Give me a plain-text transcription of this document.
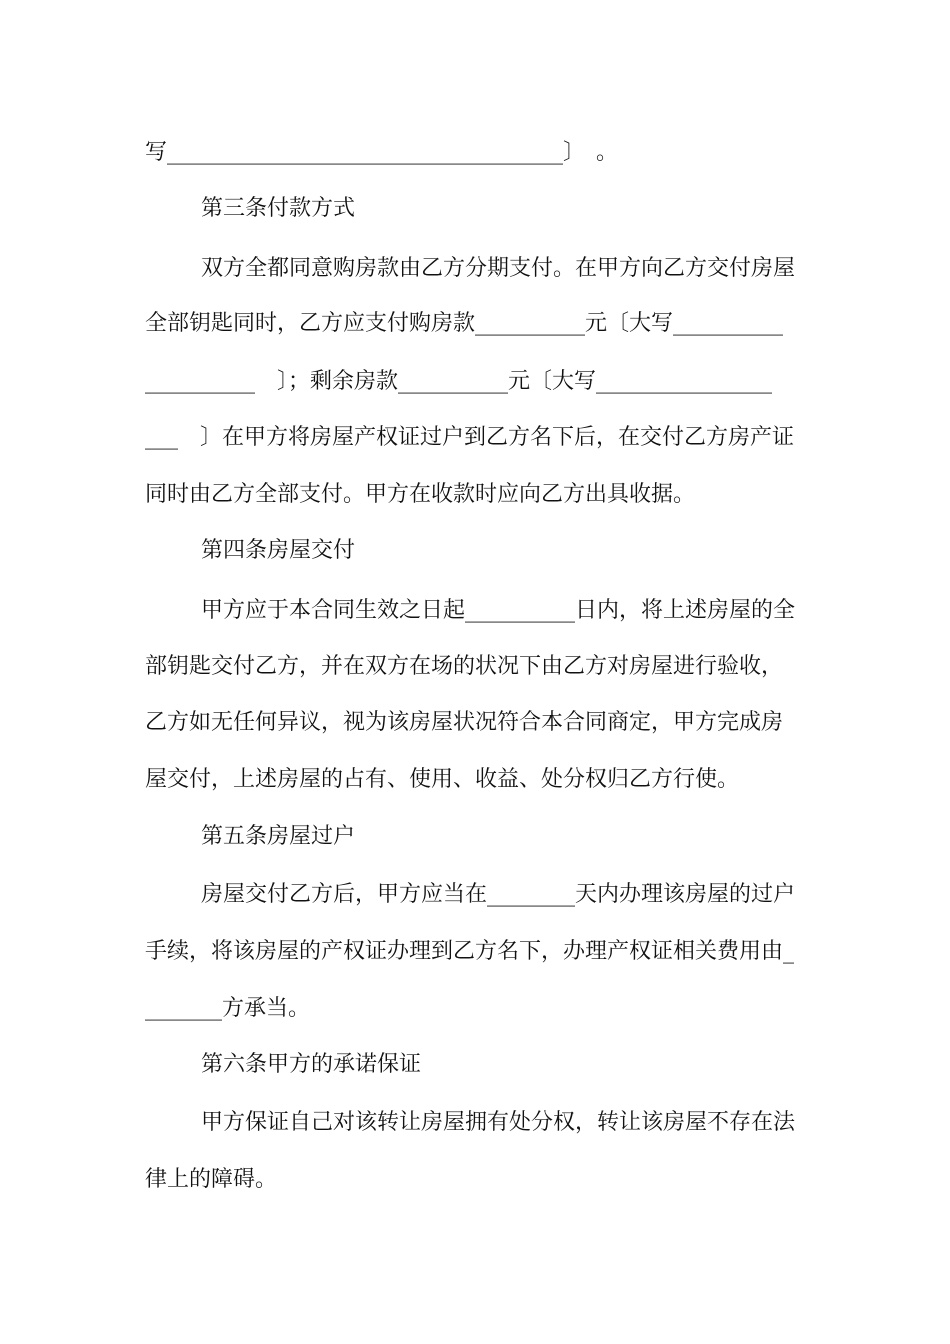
写____________________________________〕　。
第三条付款方式
双方全都同意购房款由乙方分期支付。在甲方向乙方交付房屋
全部钥匙同时，乙方应支付购房款__________元〔大写__________
__________　〕；剩余房款__________元〔大写________________
___　〕在甲方将房屋产权证过户到乙方名下后，在交付乙方房产证
同时由乙方全部支付。甲方在收款时应向乙方出具收据。
第四条房屋交付
甲方应于本合同生效之日起__________日内，将上述房屋的全
部钥匙交付乙方，并在双方在场的状况下由乙方对房屋进行验收，
乙方如无任何异议，视为该房屋状况符合本合同商定，甲方完成房
屋交付，上述房屋的占有、使用、收益、处分权归乙方行使。
第五条房屋过户
房屋交付乙方后，甲方应当在________天内办理该房屋的过户
手续，将该房屋的产权证办理到乙方名下，办理产权证相关费用由_
_______方承当。
第六条甲方的承诺保证
甲方保证自己对该转让房屋拥有处分权，转让该房屋不存在法
律上的障碍。
